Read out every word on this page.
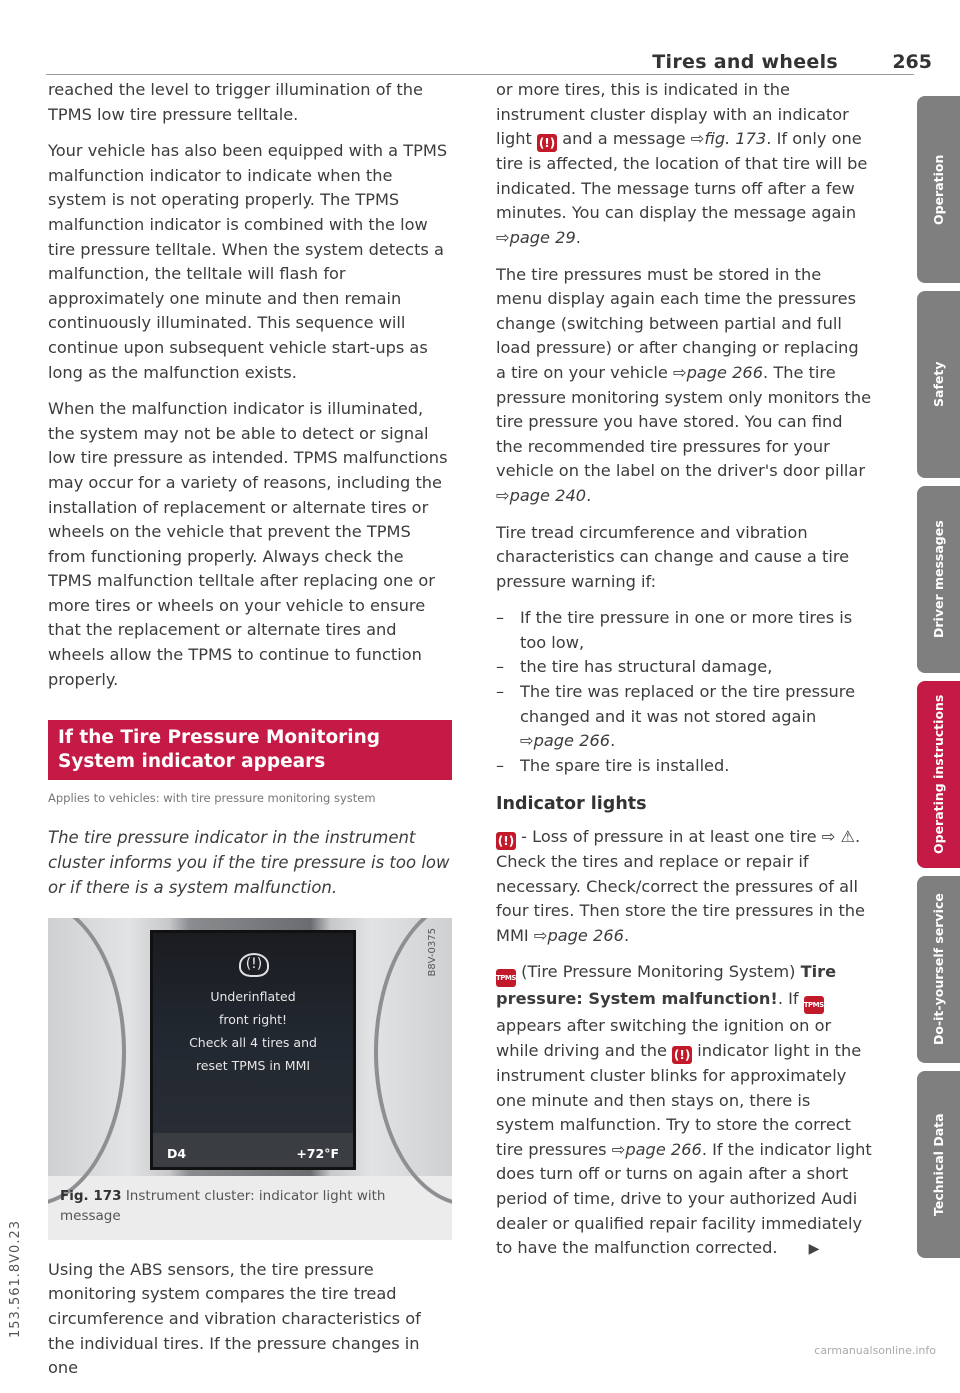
Tires and wheels	265

reached the level to trigger illumination of the TPMS low tire pressure telltale.

Your vehicle has also been equipped with a TPMS malfunction indicator to indicate when the system is not operating properly. The TPMS malfunction indicator is combined with the low tire pressure telltale. When the system detects a malfunction, the telltale will flash for approximately one minute and then remain continuously illuminated. This sequence will continue upon subsequent vehicle start-ups as long as the malfunction exists.

When the malfunction indicator is illuminated, the system may not be able to detect or signal low tire pressure as intended. TPMS malfunctions may occur for a variety of reasons, including the installation of replacement or alternate tires or wheels on the vehicle that prevent the TPMS from functioning properly. Always check the TPMS malfunction telltale after replacing one or more tires or wheels on your vehicle to ensure that the replacement or alternate tires and wheels allow the TPMS to continue to function properly.

If the Tire Pressure Monitoring System indicator appears
Applies to vehicles: with tire pressure monitoring system
The tire pressure indicator in the instrument cluster informs you if the tire pressure is too low or if there is a system malfunction.
(!)
Underinflated
front right!
Check all 4 tires and
reset TPMS in MMI
D4	+72°F
B8V-0375
Fig. 173 Instrument cluster: indicator light with message

Using the ABS sensors, the tire pressure monitoring system compares the tire tread circumference and vibration characteristics of the individual tires. If the pressure changes in one

or more tires, this is indicated in the instrument cluster display with an indicator light (!) and a message ⇨fig. 173. If only one tire is affected, the location of that tire will be indicated. The message turns off after a few minutes. You can display the message again ⇨page 29.

The tire pressures must be stored in the menu display again each time the pressures change (switching between partial and full load pressure) or after changing or replacing a tire on your vehicle ⇨page 266. The tire pressure monitoring system only monitors the tire pressure you have stored. You can find the recommended tire pressures for your vehicle on the label on the driver's door pillar ⇨page 240.

Tire tread circumference and vibration characteristics can change and cause a tire pressure warning if:

– If the tire pressure in one or more tires is too low,
– the tire has structural damage,
– The tire was replaced or the tire pressure changed and it was not stored again
⇨page 266.
– The spare tire is installed.
Indicator lights

(!) - Loss of pressure in at least one tire ⇨ ⚠. Check the tires and replace or repair if necessary. Check/correct the pressures of all four tires. Then store the tire pressures in the MMI ⇨page 266.

TPMS (Tire Pressure Monitoring System) Tire pressure: System malfunction!. If TPMS appears after switching the ignition on or while driving and the (!) indicator light in the instrument cluster blinks for approximately one minute and then stays on, there is system malfunction. Try to store the correct tire pressures ⇨page 266. If the indicator light does turn off or turns on again after a short period of time, drive to your authorized Audi dealer or qualified repair facility immediately to have the malfunction corrected. ▶

Operation
Safety
Driver messages
Operating instructions
Do-it-yourself service
Technical Data
153.561.8V0.23
carmanualsonline.info
